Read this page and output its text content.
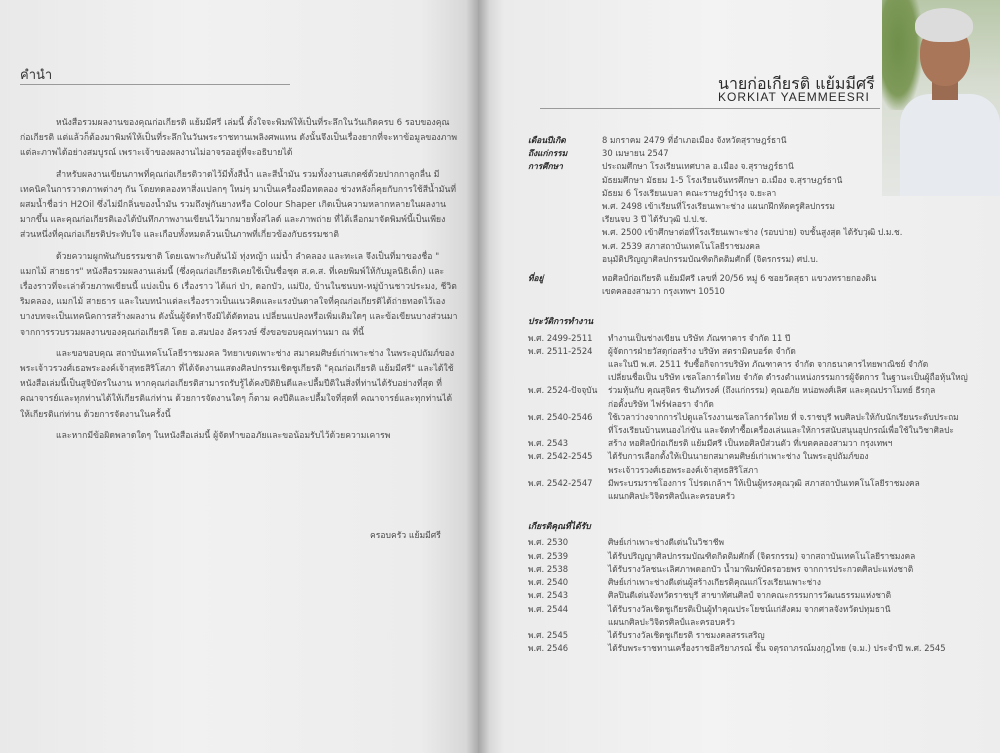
คำนำ

หนังสือรวมผลงานของคุณก่อเกียรติ แย้มมีศรี เล่มนี้ ตั้งใจจะพิมพ์ให้เป็นที่ระลึกในวันเกิดครบ 6 รอบของคุณก่อเกียรติ แต่แล้วก็ต้องมาพิมพ์ให้เป็นที่ระลึกในวันพระราชทานเพลิงศพแทน ดังนั้นจึงเป็นเรื่องยากที่จะหาข้อมูลของภาพแต่ละภาพได้อย่างสมบูรณ์ เพราะเจ้าของผลงานไม่อาจรออยู่ที่จะอธิบายได้

สำหรับผลงานเขียนภาพที่คุณก่อเกียรติวาดไว้มีทั้งสีน้ำ และสีน้ำมัน รวมทั้งงานสเกตซ์ด้วยปากกาลูกลื่น มีเทคนิคในการวาดภาพต่างๆ กัน โดยทดลองหาสิ่งแปลกๆ ใหม่ๆ มาเป็นเครื่องมือทดลอง ช่วงหลังก็คุยกับการใช้สีน้ำมันที่ผสมน้ำชื่อว่า H2Oil ซึ่งไม่มีกลิ่นของน้ำมัน รวมถึงพู่กันยางหรือ Colour Shaper เกิดเป็นความหลากหลายในผลงานมากขึ้น และคุณก่อเกียรติเองได้บันทึกภาพงานเขียนไว้มากมายทั้งสไลด์ และภาพถ่าย ที่ได้เลือกมาจัดพิมพ์นี้เป็นเพียงส่วนหนึ่งที่คุณก่อเกียรติประทับใจ และเกือบทั้งหมดล้วนเป็นภาพที่เกี่ยวข้องกับธรรมชาติ

ด้วยความผูกพันกับธรรมชาติ โดยเฉพาะกับต้นไม้ ทุ่งหญ้า แม่น้ำ ลำคลอง และทะเล จึงเป็นที่มาของชื่อ " แมกไม้ สายธาร" หนังสือรวมผลงานเล่มนี้ (ซึ่งคุณก่อเกียรติเคยใช้เป็นชื่อชุด ส.ค.ส. ที่เคยพิมพ์ให้กับมูลนิธิเด็ก) และเรื่องราวที่จะเล่าด้วยภาพเขียนนี้ แบ่งเป็น 6 เรื่องราว ได้แก่ ป่า, ดอกบัว, แม่ปิง, บ้านในชนบท-หมู่บ้านชาวประมง, ชีวิตริมคลอง, แมกไม้ สายธาร และในบทนำแต่ละเรื่องราวเป็นแนวคิดและแรงบันดาลใจที่คุณก่อเกียรติได้ถ่ายทอดไว้เอง บางบทจะเป็นเทคนิคการสร้างผลงาน ดังนั้นผู้จัดทำจึงมิได้ตัดทอน เปลี่ยนแปลงหรือเพิ่มเติมใดๆ และข้อเขียนบางส่วนมาจากการรวบรวมผลงานของคุณก่อเกียรติ โดย อ.สมปอง อัครวงษ์ ซึ่งขอขอบคุณท่านมา ณ ที่นี้

และขอขอบคุณ สถาบันเทคโนโลยีราชมงคล วิทยาเขตเพาะช่าง สมาคมศิษย์เก่าเพาะช่าง ในพระอุปถัมภ์ของ พระเจ้าวรวงศ์เธอพระองค์เจ้าสุทธสิริโสภา ที่ได้จัดงานแสดงศิลปกรรมเชิดชูเกียรติ "คุณก่อเกียรติ แย้มมีศรี" และได้ใช้หนังสือเล่มนี้เป็นสูจิบัตรในงาน หากคุณก่อเกียรติสามารถรับรู้ได้คงปิติยินดีและปลื้มปีติในสิ่งที่ท่านได้รับอย่างที่สุด ที่คณาจารย์และทุกท่านได้ให้เกียรติแก่ท่าน ด้วยการจัดงานใดๆ ก็ตาม คงปีติและปลื้มใจที่สุดที่ คณาจารย์และทุกท่านได้ให้เกียรติแก่ท่าน ด้วยการจัดงานในครั้งนี้

และหากมีข้อผิดพลาดใดๆ ในหนังสือเล่มนี้ ผู้จัดทำขออภัยและขอน้อมรับไว้ด้วยความเคารพ

ครอบครัว แย้มมีศรี
นายก่อเกียรติ แย้มมีศรี
KORKIAT YAEMMEESRI
เดือนปีเกิด	8 มกราคม 2479 ที่อำเภอเมือง จังหวัดสุราษฎร์ธานี
ถึงแก่กรรม	30 เมษายน 2547
การศึกษา	ประถมศึกษา โรงเรียนเทศบาล อ.เมือง จ.สุราษฎร์ธานี
มัธยมศึกษา มัธยม 1-5 โรงเรียนจันทรศึกษา อ.เมือง จ.สุราษฎร์ธานี
มัธยม 6 โรงเรียนเบลา คณะราษฎร์บำรุง จ.ยะลา
พ.ศ. 2498 เข้าเรียนที่โรงเรียนเพาะช่าง แผนกฝึกหัดครูศิลปกรรม
เรียนจบ 3 ปี ได้รับวุฒิ ป.ป.ช.
พ.ศ. 2500 เข้าศึกษาต่อที่โรงเรียนเพาะช่าง (รอบบ่าย) จบชั้นสูงสุด ได้รับวุฒิ ป.ม.ช.
พ.ศ. 2539 สภาสถาบันเทคโนโลยีราชมงคล
อนุมัติปริญญาศิลปกรรมบัณฑิตกิตติมศักดิ์ (จิตรกรรม) ศป.บ.
ที่อยู่	หอศิลป์ก่อเกียรติ แย้มมีศรี เลขที่ 20/56 หมู่ 6 ซอยวัดสุธา แขวงทรายกองดิน
เขตคลองสามวา กรุงเทพฯ 10510
ประวัติการทำงาน
พ.ศ. 2499-2511	ทำงานเป็นช่างเขียน บริษัท ภัณฑาคาร จำกัด 11 ปี
พ.ศ. 2511-2524	ผู้จัดการฝ่ายวัสดุก่อสร้าง บริษัท สตรามิตบอร์ด จำกัด
และในปี พ.ศ. 2511 รับซื้อกิจการบริษัท ภัณฑาคาร จำกัด จากธนาคารไทยพาณิชย์ จำกัด
เปลี่ยนชื่อเป็น บริษัท เชลโลการ์ดไทย จำกัด ดำรงตำแหน่งกรรมการผู้จัดการ ในฐานะเป็นผู้ถือหุ้นใหญ่
พ.ศ. 2524-ปัจจุบัน	ร่วมหุ้นกับ คุณสุจิตร ชินภัทรงค์ (ถึงแก่กรรม) คุณอภัย หน่อพงศ์เลิศ และคุณปราโมทย์ ธีรกุล
ก่อตั้งบริษัท ไฟร์ฟลอรา จำกัด
พ.ศ. 2540-2546	ใช้เวลาว่างจากการไปดูแลโรงงานเซลโลการ์ดไทย ที่ จ.ราชบุรี พบศิลปะให้กับนักเรียนระดับประถม
ที่โรงเรียนบ้านหนองไก่ขัน และจัดทำซื้อเครื่องเล่นและให้การสนับสนุนอุปกรณ์เพื่อใช้ในวิชาศิลปะ
พ.ศ. 2543	สร้าง หอศิลป์ก่อเกียรติ แย้มมีศรี เป็นหอศิลป์ส่วนตัว ที่เขตคลองสามวา กรุงเทพฯ
พ.ศ. 2542-2545	ได้รับการเลือกตั้งให้เป็นนายกสมาคมศิษย์เก่าเพาะช่าง ในพระอุปถัมภ์ของ
พระเจ้าวรวงศ์เธอพระองค์เจ้าสุทธสิริโสภา
พ.ศ. 2542-2547	มีพระบรมราชโองการ โปรดเกล้าฯ ให้เป็นผู้ทรงคุณวุฒิ สภาสถาบันเทคโนโลยีราชมงคล
แผนกศิลปะวิจิตรศิลป์และครอบครัว
เกียรติคุณที่ได้รับ
พ.ศ. 2530	ศิษย์เก่าเพาะช่างดีเด่นในวิชาชีพ
พ.ศ. 2539	ได้รับปริญญาศิลปกรรมบัณฑิตกิตติมศักดิ์ (จิตรกรรม) จากสถาบันเทคโนโลยีราชมงคล
พ.ศ. 2538	ได้รับรางวัลชนะเลิศภาพดอกบัว น้ำมาพิมพ์บัตรอวยพร จากการประกวดศิลปะแห่งชาติ
พ.ศ. 2540	ศิษย์เก่าเพาะช่างดีเด่นผู้สร้างเกียรติคุณแก่โรงเรียนเพาะช่าง
พ.ศ. 2543	ศิลปินดีเด่นจังหวัดราชบุรี สาขาทัศนศิลป์ จากคณะกรรมการวัฒนธรรมแห่งชาติ
พ.ศ. 2544	ได้รับรางวัลเชิดชูเกียรติเป็นผู้ทำคุณประโยชน์แก่สังคม จากศาลจังหวัดปทุมธานี
แผนกศิลปะวิจิตรศิลป์และครอบครัว
พ.ศ. 2545	ได้รับรางวัลเชิดชูเกียรติ ราชมงคลสรรเสริญ
พ.ศ. 2546	ได้รับพระราชทานเครื่องราชอิสริยาภรณ์ ชั้น จตุรถาภรณ์มงกุฎไทย (จ.ม.) ประจำปี พ.ศ. 2545
